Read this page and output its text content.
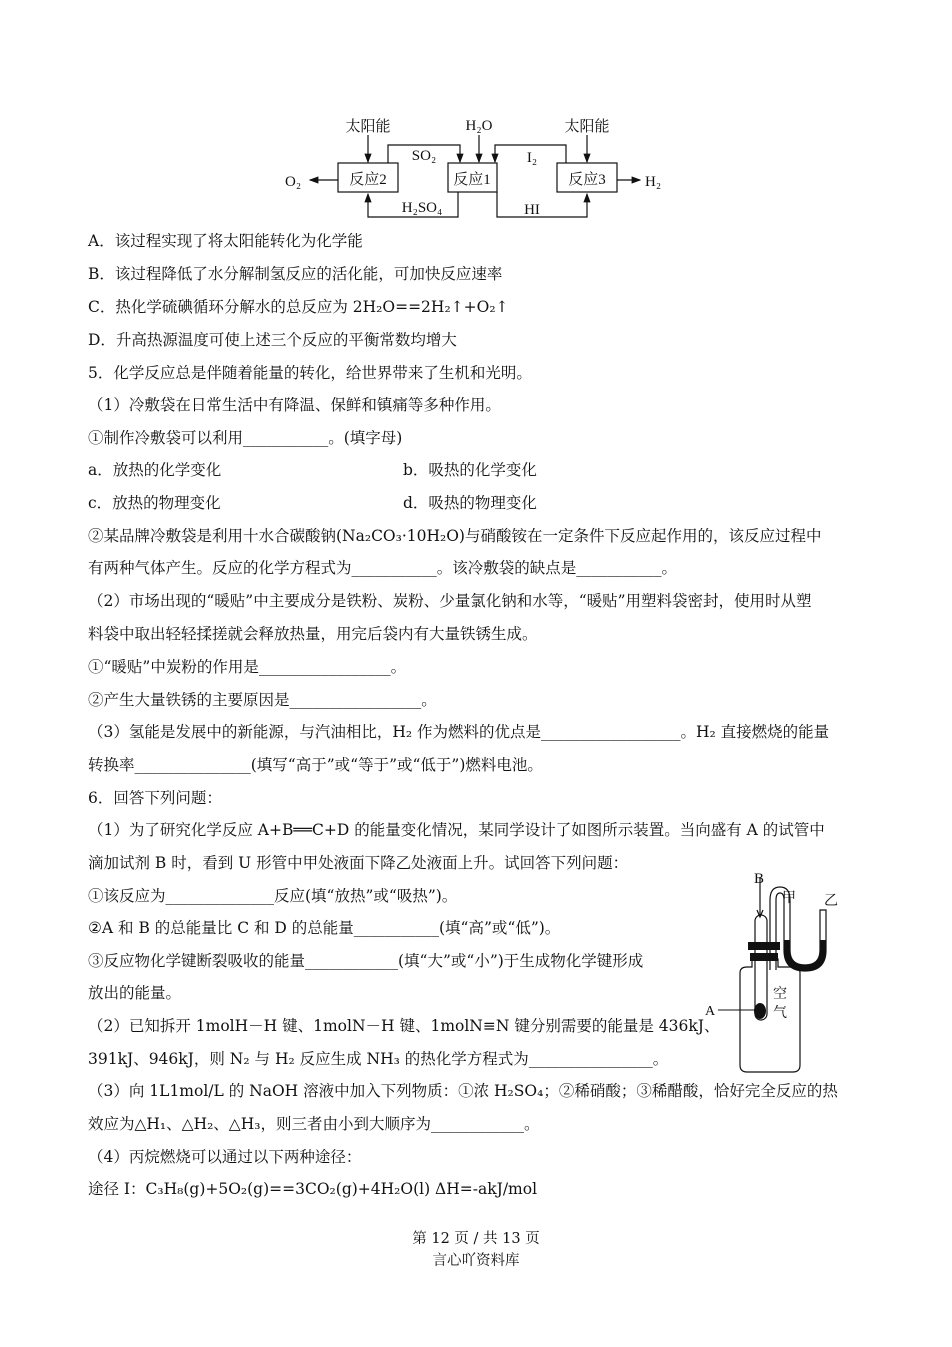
太阳能	太阳能
H₂O
反应2	反应1	反应3
SO₂	I₂
H₂SO₄	HI
O₂	H₂
A．该过程实现了将太阳能转化为化学能
B．该过程降低了水分解制氢反应的活化能，可加快反应速率
C．热化学硫碘循环分解水的总反应为 2H₂O==2H₂↑+O₂↑
D．升高热源温度可使上述三个反应的平衡常数均增大
5．化学反应总是伴随着能量的转化，给世界带来了生机和光明。
（1）冷敷袋在日常生活中有降温、保鲜和镇痛等多种作用。
①制作冷敷袋可以利用___________。(填字母)
a．放热的化学变化	b．吸热的化学变化
c．放热的物理变化	d．吸热的物理变化
②某品牌冷敷袋是利用十水合碳酸钠(Na₂CO₃·10H₂O)与硝酸铵在一定条件下反应起作用的，该反应过程中
有两种气体产生。反应的化学方程式为___________。该冷敷袋的缺点是___________。
（2）市场出现的“暖贴”中主要成分是铁粉、炭粉、少量氯化钠和水等，“暖贴”用塑料袋密封，使用时从塑
料袋中取出轻轻揉搓就会释放热量，用完后袋内有大量铁锈生成。
①“暖贴”中炭粉的作用是_________________。
②产生大量铁锈的主要原因是_________________。
（3）氢能是发展中的新能源，与汽油相比，H₂ 作为燃料的优点是__________________。H₂ 直接燃烧的能量
转换率_______________(填写“高于”或“等于”或“低于”)燃料电池。
6．回答下列问题：
（1）为了研究化学反应 A+B══C+D 的能量变化情况，某同学设计了如图所示装置。当向盛有 A 的试管中
滴加试剂 B 时，看到 U 形管中甲处液面下降乙处液面上升。试回答下列问题：
①该反应为______________反应(填“放热”或“吸热”)。
②A 和 B 的总能量比 C 和 D 的总能量___________(填“高”或“低”)。
③反应物化学键断裂吸收的能量____________(填“大”或“小”)于生成物化学键形成
放出的能量。
（2）已知拆开 1molH－H 键、1molN－H 键、1molN≡N 键分别需要的能量是 436kJ、
391kJ、946kJ，则 N₂ 与 H₂ 反应生成 NH₃ 的热化学方程式为________________。
（3）向 1L1mol/L 的 NaOH 溶液中加入下列物质：①浓 H₂SO₄；②稀硝酸；③稀醋酸，恰好完全反应的热
效应为△H₁、△H₂、△H₃，则三者由小到大顺序为____________。
（4）丙烷燃烧可以通过以下两种途径：
途径 I：C₃H₈(g)+5O₂(g)==3CO₂(g)+4H₂O(l) ΔH=-akJ/mol
B
甲 乙
A
空
气
第 12 页 / 共 13 页
言心吖资料库
